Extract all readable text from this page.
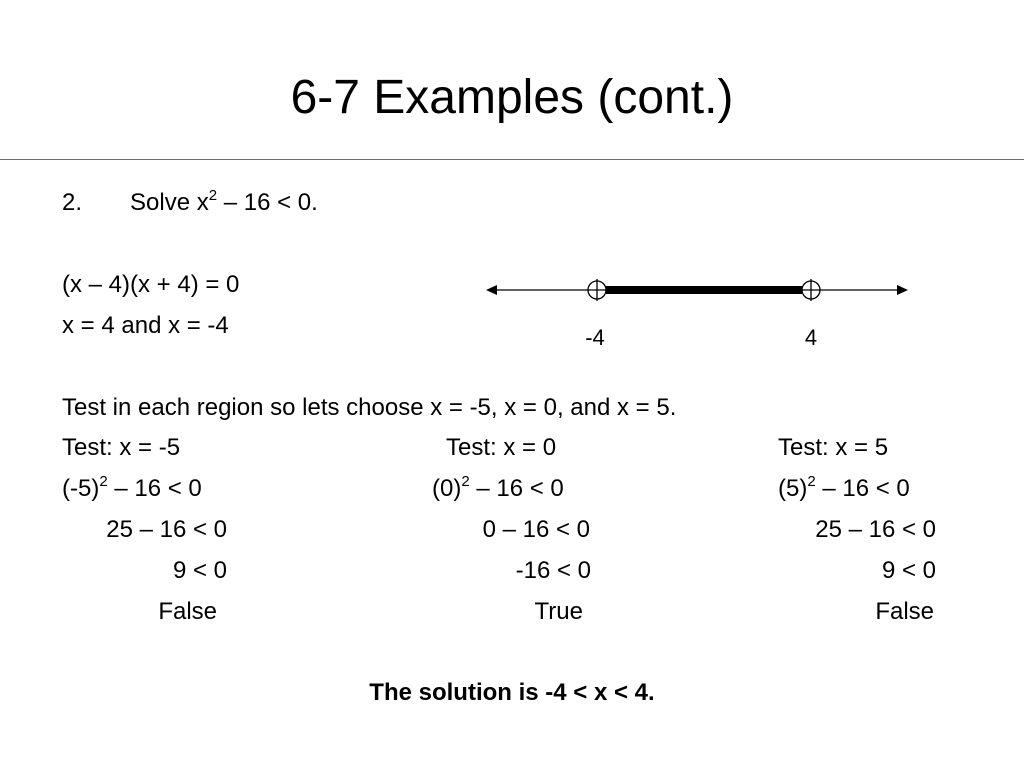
6-7 Examples (cont.)
2. Solve $x^2 - 16 < 0$.
(x – 4)(x + 4) = 0
x = 4 and x = -4	-4	4
Test in each region so lets choose x = -5, x = 0, and x = 5.
Test: x = -5
$(-5)^2 - 16 < 0$
25 – 16 < 0
9 < 0
False
Test: x = 0
$(0)^2 - 16 < 0$
0 – 16 < 0
-16 < 0
True
Test: x = 5
$(5)^2 - 16 < 0$
25 – 16 < 0
9 < 0
False
The solution is -4 < x < 4.
